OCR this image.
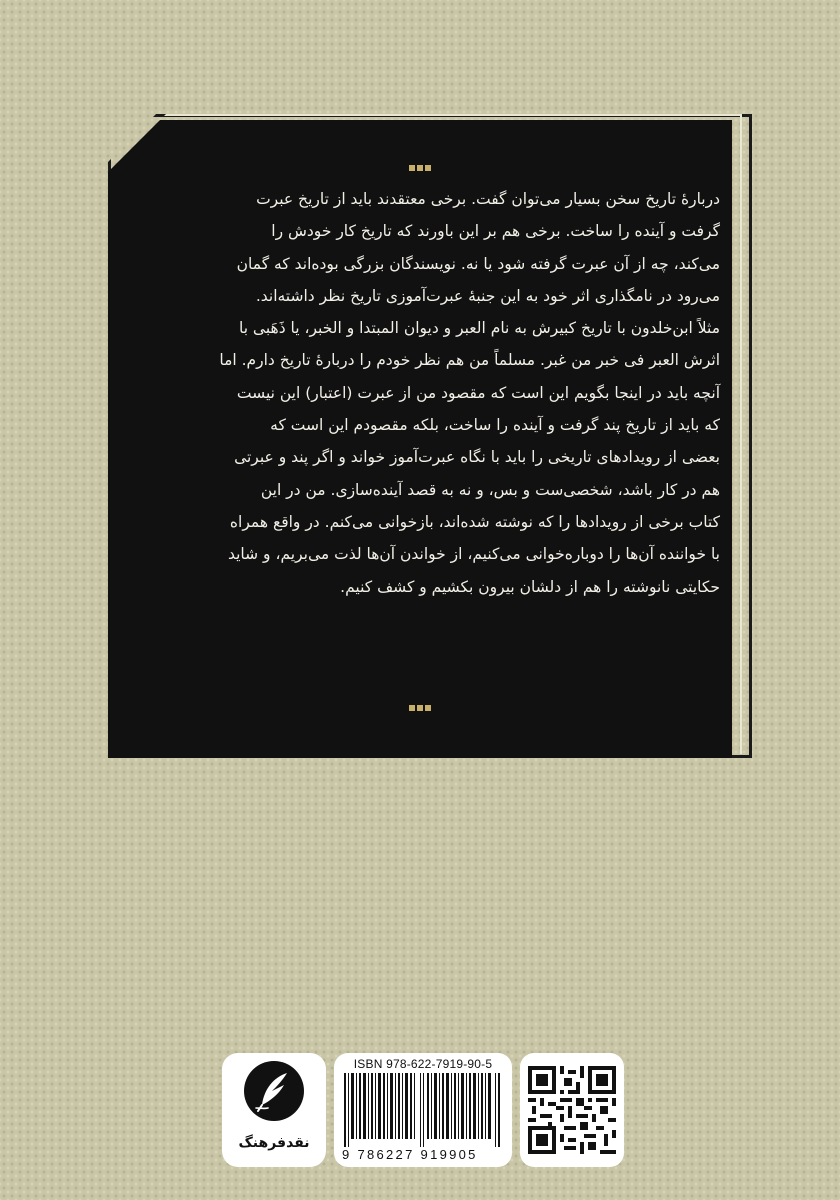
دربارهٔ تاریخ سخن بسیار می‌توان گفت. برخی معتقدند باید از تاریخ عبرت

گرفت و آینده را ساخت. برخی هم بر این باورند که تاریخ کار خودش را

می‌کند، چه از آن عبرت گرفته شود یا نه. نویسندگان بزرگی بوده‌اند که گمان

می‌رود در نامگذاری اثر خود به این جنبهٔ عبرت‌آموزی تاریخ نظر داشته‌اند.

مثلاً ابن‌خلدون با تاریخ کبیرش به نام العبر و دیوان المبتدا و الخبر، یا ذَهَبی با

اثرش العبر فی خبر من غبر. مسلماً من هم نظر خودم را دربارهٔ تاریخ دارم. اما

آنچه باید در اینجا بگویم این است که مقصود من از عبرت (اعتبار) این نیست

که باید از تاریخ پند گرفت و آینده را ساخت، بلکه مقصودم این است که

بعضی از رویدادهای تاریخی را باید با نگاه عبرت‌آموز خواند و اگر پند و عبرتی

هم در کار باشد، شخصی‌ست و بس، و نه به قصد آینده‌سازی. من در این

کتاب برخی از رویدادها را که نوشته شده‌اند، بازخوانی می‌کنم. در واقع همراه

با خواننده آن‌ها را دوباره‌خوانی می‌کنیم، از خواندن آن‌ها لذت می‌بریم، و شاید

حکایتی نانوشته را هم از دلشان بیرون بکشیم و کشف کنیم.

نقدفرهنگ
ISBN 978-622-7919-90-5
9 786227 919905
